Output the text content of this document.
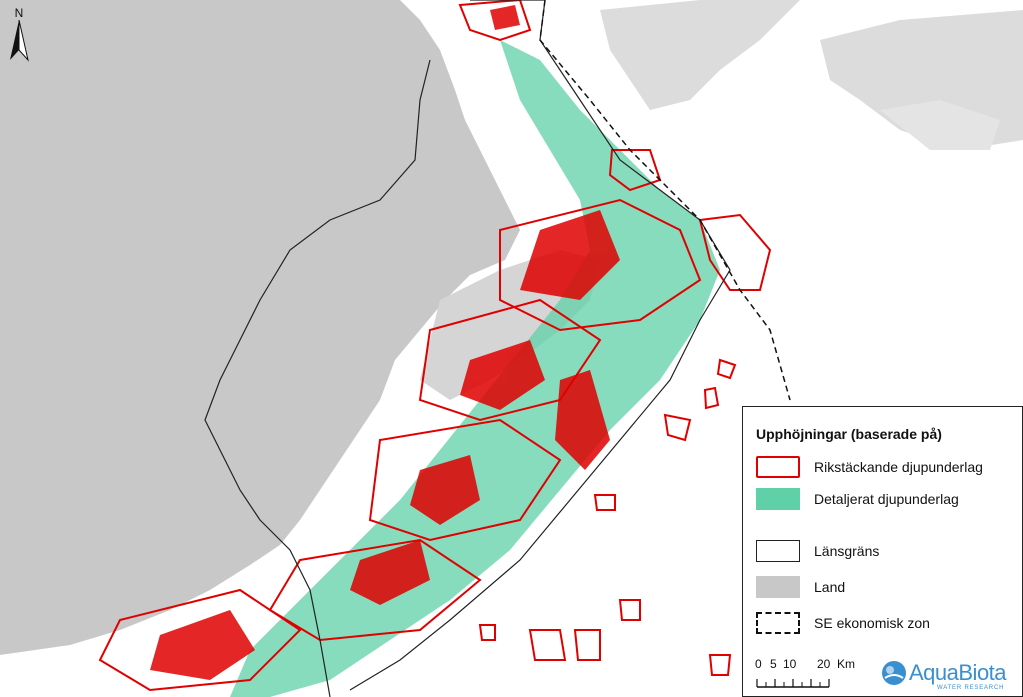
N
Upphöjningar (baserade på)
Rikstäckande djupunderlag
Detaljerat djupunderlag
Länsgräns
Land
SE ekonomisk zon
0 5 10 20 Km AquaBiota
WATER RESEARCH
